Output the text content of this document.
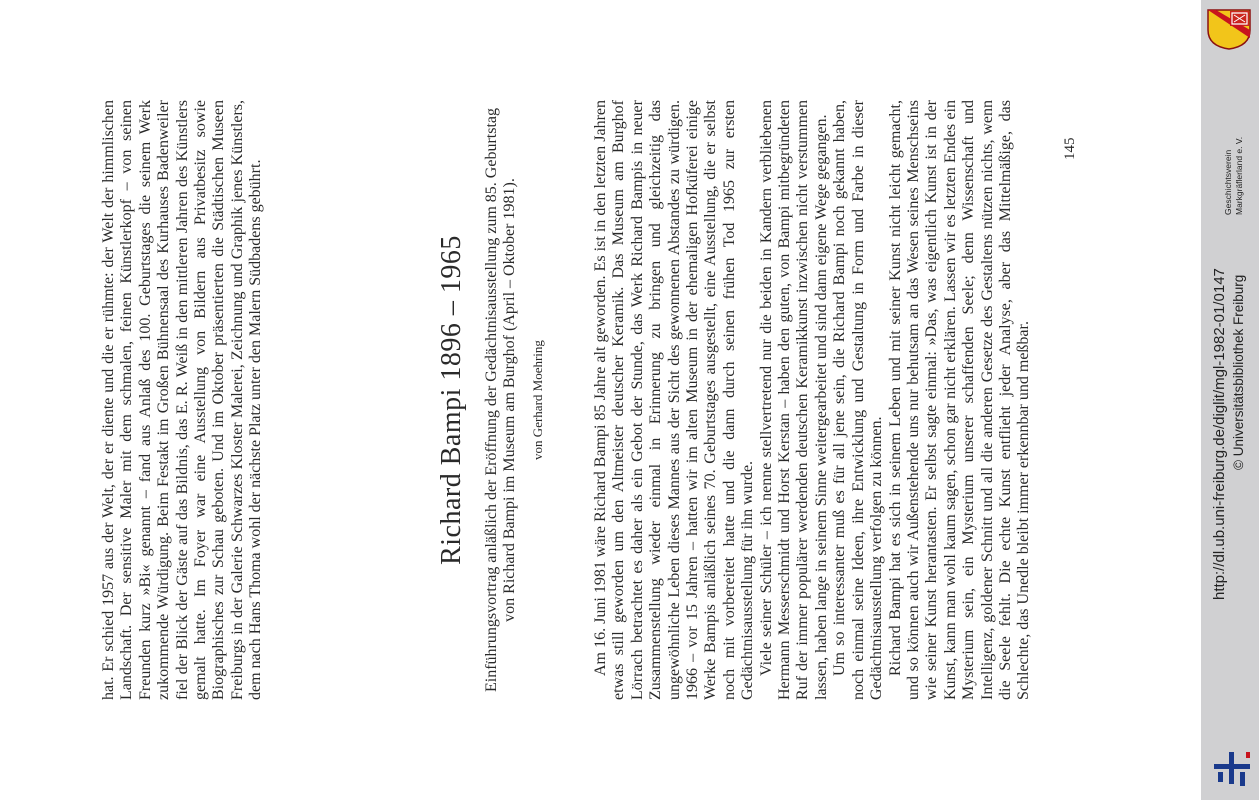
hat. Er schied 1957 aus der Welt, der er diente und die er rühmte: der Welt der himmlischen Landschaft. Der sensitive Maler mit dem schmalen, feinen Künstlerkopf – von seinen Freunden kurz »Bi« genannt – fand aus Anlaß des 100. Geburtstages die seinem Werk zukommende Würdigung. Beim Festakt im Großen Bühnensaal des Kurhauses Badenweiler fiel der Blick der Gäste auf das Bildnis, das E. R. Weiß in den mittleren Jahren des Künstlers gemalt hatte. Im Foyer war eine Ausstellung von Bildern aus Privatbesitz sowie Biographisches zur Schau geboten. Und im Oktober präsentierten die Städtischen Museen Freiburgs in der Galerie Schwarzes Kloster Malerei, Zeichnung und Graphik jenes Künstlers, dem nach Hans Thoma wohl der nächste Platz unter den Malern Südbadens gebührt.	Richard Bampi 1896 – 1965 Einführungsvortrag anläßlich der Eröffnung der Gedächtnisausstellung zum 85. Geburtstag von Richard Bampi im Museum am Burghof (April – Oktober 1981). von Gerhard Moehring	Am 16. Juni 1981 wäre Richard Bampi 85 Jahre alt geworden. Es ist in den letzten Jahren etwas still geworden um den Altmeister deutscher Keramik. Das Museum am Burghof Lörrach betrachtet es daher als ein Gebot der Stunde, das Werk Richard Bampis in neuer Zusammenstellung wieder einmal in Erinnerung zu bringen und gleichzeitig das ungewöhnliche Leben dieses Mannes aus der Sicht des gewonnenen Abstandes zu würdigen. 1966 – vor 15 Jahren – hatten wir im alten Museum in der ehemaligen Hofküferei einige Werke Bampis anläßlich seines 70. Geburtstages ausgestellt, eine Ausstellung, die er selbst noch mit vorbereitet hatte und die dann durch seinen frühen Tod 1965 zur ersten Gedächtnisausstellung für ihn wurde. Viele seiner Schüler – ich nenne stellvertretend nur die beiden in Kandern verbliebenen Hermann Messerschmidt und Horst Kerstan – haben den guten, von Bampi mitbegründeten Ruf der immer populärer werdenden deutschen Keramikkunst inzwischen nicht verstummen lassen, haben lange in seinem Sinne weitergearbeitet und sind dann eigene Wege gegangen. Um so interessanter muß es für all jene sein, die Richard Bampi noch gekannt haben, noch einmal seine Ideen, ihre Entwicklung und Gestaltung in Form und Farbe in dieser Gedächtnisausstellung verfolgen zu können. Richard Bampi hat es sich in seinem Leben und mit seiner Kunst nicht leicht gemacht, und so können auch wir Außenstehende uns nur behutsam an das Wesen seines Menschseins wie seiner Kunst herantasten. Er selbst sagte einmal: »Das, was eigentlich Kunst ist in der Kunst, kann man wohl kaum sagen, schon gar nicht erklären. Lassen wir es letzten Endes ein Mysterium sein, ein Mysterium unserer schaffenden Seele; denn Wissenschaft und Intelligenz, goldener Schnitt und all die anderen Gesetze des Gestaltens nützen nichts, wenn die Seele fehlt. Die echte Kunst entflieht jeder Analyse, aber das Mittelmäßige, das Schlechte, das Unedle bleibt immer erkennbar und meßbar.

145
http://dl.ub.uni-freiburg.de/diglit/mgl-1982-01/0147 © Universitätsbibliothek Freiburg
Geschichtsverein Markgräflerland e. V.
